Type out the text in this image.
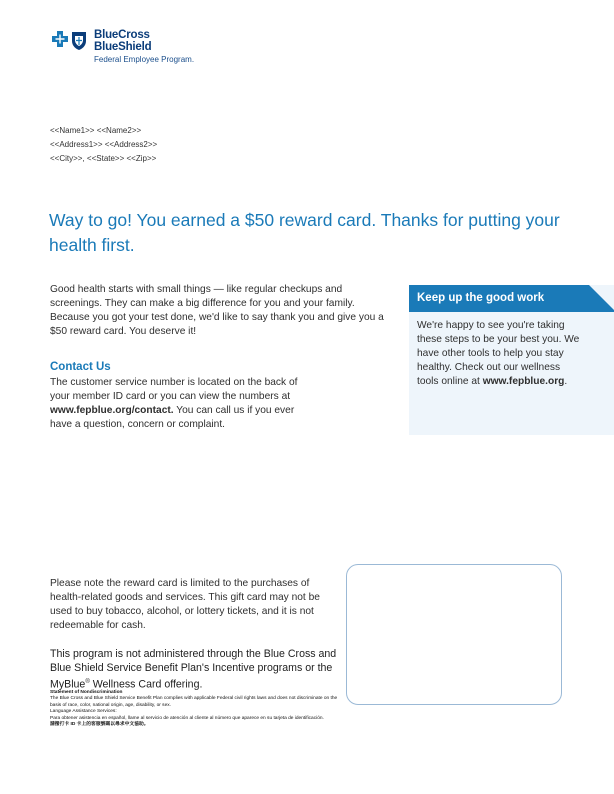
BlueCross
BlueShield
Federal Employee Program.
<<Name1>> <<Name2>>
<<Address1>> <<Address2>>
<<City>>, <<State>> <<Zip>>
Way to go! You earned a $50 reward card. Thanks for putting your health first.
Good health starts with small things — like regular checkups and screenings. They can make a big difference for you and your family. Because you got your test done, we'd like to say thank you and give you a $50 reward card. You deserve it!
Contact Us
The customer service number is located on the back of your member ID card or you can view the numbers at www.fepblue.org/contact. You can call us if you ever have a question, concern or complaint.
Keep up the good work
We're happy to see you're taking these steps to be your best you. We have other tools to help you stay healthy. Check out our wellness tools online at www.fepblue.org.
Please note the reward card is limited to the purchases of health-related goods and services. This gift card may not be used to buy tobacco, alcohol, or lottery tickets, and it is not redeemable for cash.
This program is not administered through the Blue Cross and Blue Shield Service Benefit Plan's Incentive programs or the MyBlue® Wellness Card offering.
Statement of Nondiscrimination
The Blue Cross and Blue Shield Service Benefit Plan complies with applicable Federal civil rights laws and does not discriminate on the basis of race, color, national origin, age, disability, or sex.
Language Assistance Services:
Para obtener asistencia en español, llame al servicio de atención al cliente al número que aparece en su tarjeta de identificación.
請撥打卡 ID 卡上的客服號碼以尋求中文協助。
